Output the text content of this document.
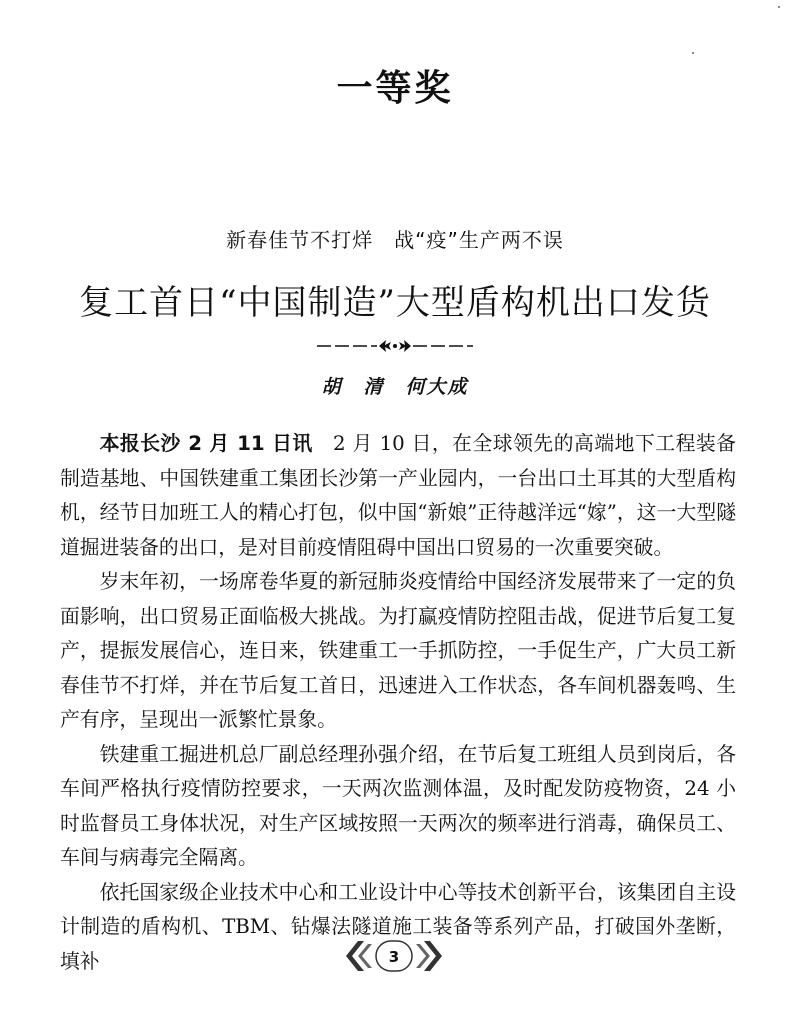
一等奖
新春佳节不打烊　战“疫”生产两不误
复工首日“中国制造”大型盾构机出口发货
胡　清　何大成

本报长沙 2 月 11 日讯　2 月 10 日，在全球领先的高端地下工程装备制造基地、中国铁建重工集团长沙第一产业园内，一台出口土耳其的大型盾构机，经节日加班工人的精心打包，似中国“新娘”正待越洋远“嫁”，这一大型隧道掘进装备的出口，是对目前疫情阻碍中国出口贸易的一次重要突破。

岁末年初，一场席卷华夏的新冠肺炎疫情给中国经济发展带来了一定的负面影响，出口贸易正面临极大挑战。为打赢疫情防控阻击战，促进节后复工复产，提振发展信心，连日来，铁建重工一手抓防控，一手促生产，广大员工新春佳节不打烊，并在节后复工首日，迅速进入工作状态，各车间机器轰鸣、生产有序，呈现出一派繁忙景象。

铁建重工掘进机总厂副总经理孙强介绍，在节后复工班组人员到岗后，各车间严格执行疫情防控要求，一天两次监测体温，及时配发防疫物资，24 小时监督员工身体状况，对生产区域按照一天两次的频率进行消毒，确保员工、车间与病毒完全隔离。

依托国家级企业技术中心和工业设计中心等技术创新平台，该集团自主设计制造的盾构机、TBM、钻爆法隧道施工装备等系列产品，打破国外垄断，填补	3
